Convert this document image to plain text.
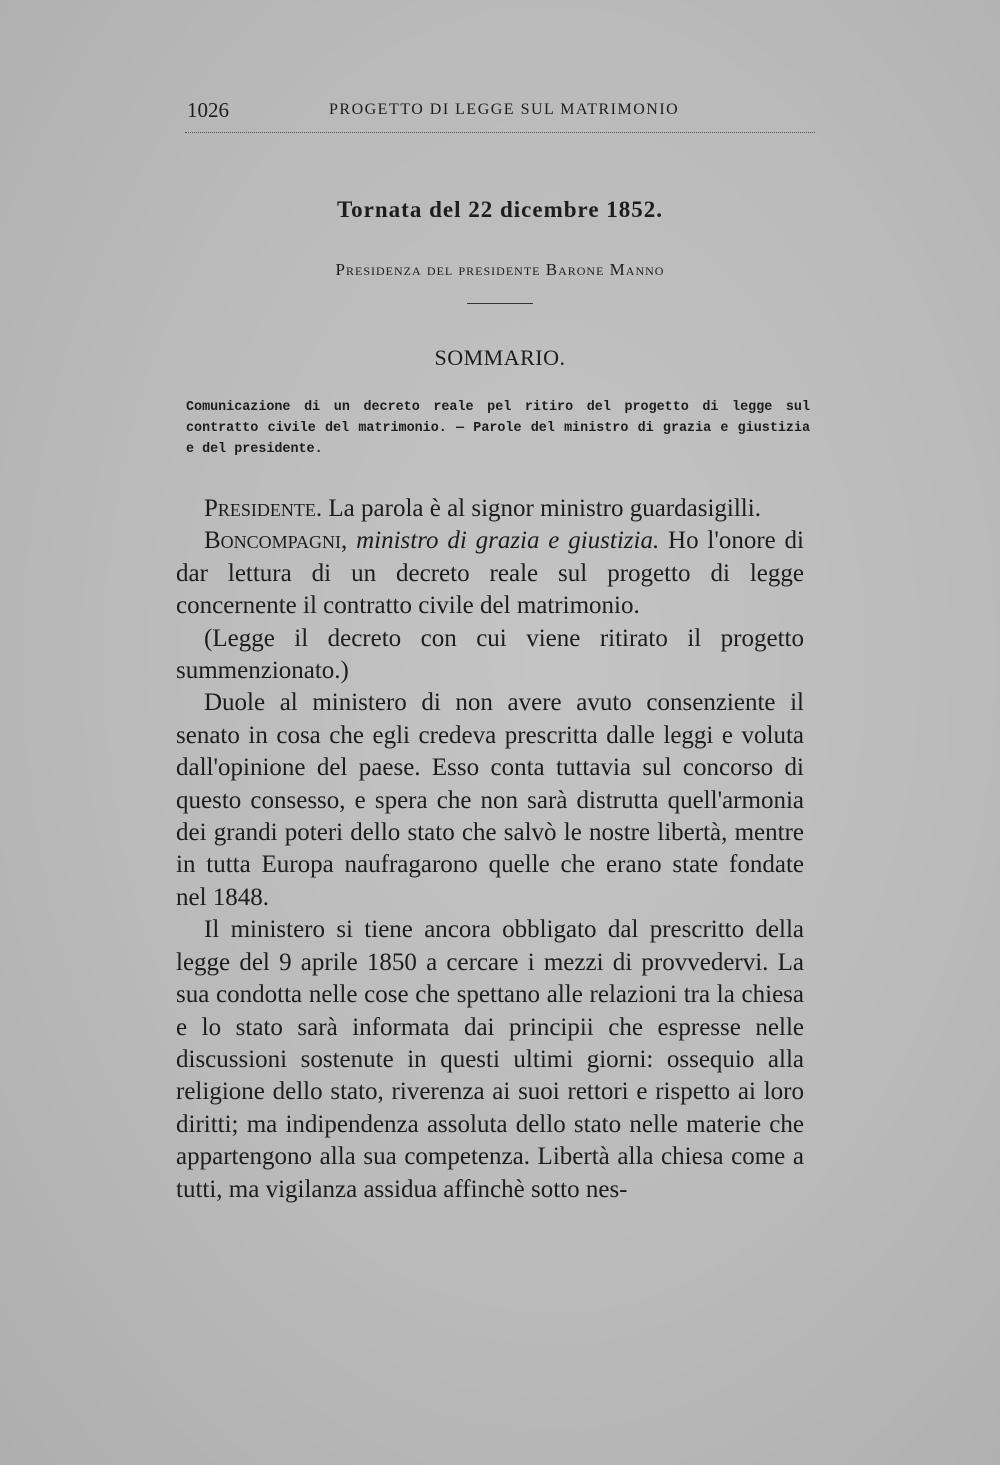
1026	PROGETTO DI LEGGE SUL MATRIMONIO
Tornata del 22 dicembre 1852.
Presidenza del presidente Barone Manno
SOMMARIO.
Comunicazione di un decreto reale pel ritiro del progetto di legge sul contratto civile del matrimonio. — Parole del ministro di grazia e giustizia e del presidente.

Presidente. La parola è al signor ministro guardasigilli.

Boncompagni, ministro di grazia e giustizia. Ho l'onore di dar lettura di un decreto reale sul progetto di legge concernente il contratto civile del matrimonio.

(Legge il decreto con cui viene ritirato il progetto summenzionato.)

Duole al ministero di non avere avuto consenziente il senato in cosa che egli credeva prescritta dalle leggi e voluta dall'opinione del paese. Esso conta tuttavia sul concorso di questo consesso, e spera che non sarà distrutta quell'armonia dei grandi poteri dello stato che salvò le nostre libertà, mentre in tutta Europa naufragarono quelle che erano state fondate nel 1848.

Il ministero si tiene ancora obbligato dal prescritto della legge del 9 aprile 1850 a cercare i mezzi di provvedervi. La sua condotta nelle cose che spettano alle relazioni tra la chiesa e lo stato sarà informata dai principii che espresse nelle discussioni sostenute in questi ultimi giorni: ossequio alla religione dello stato, riverenza ai suoi rettori e rispetto ai loro diritti; ma indipendenza assoluta dello stato nelle materie che appartengono alla sua competenza. Libertà alla chiesa come a tutti, ma vigilanza assidua affinchè sotto nes-
